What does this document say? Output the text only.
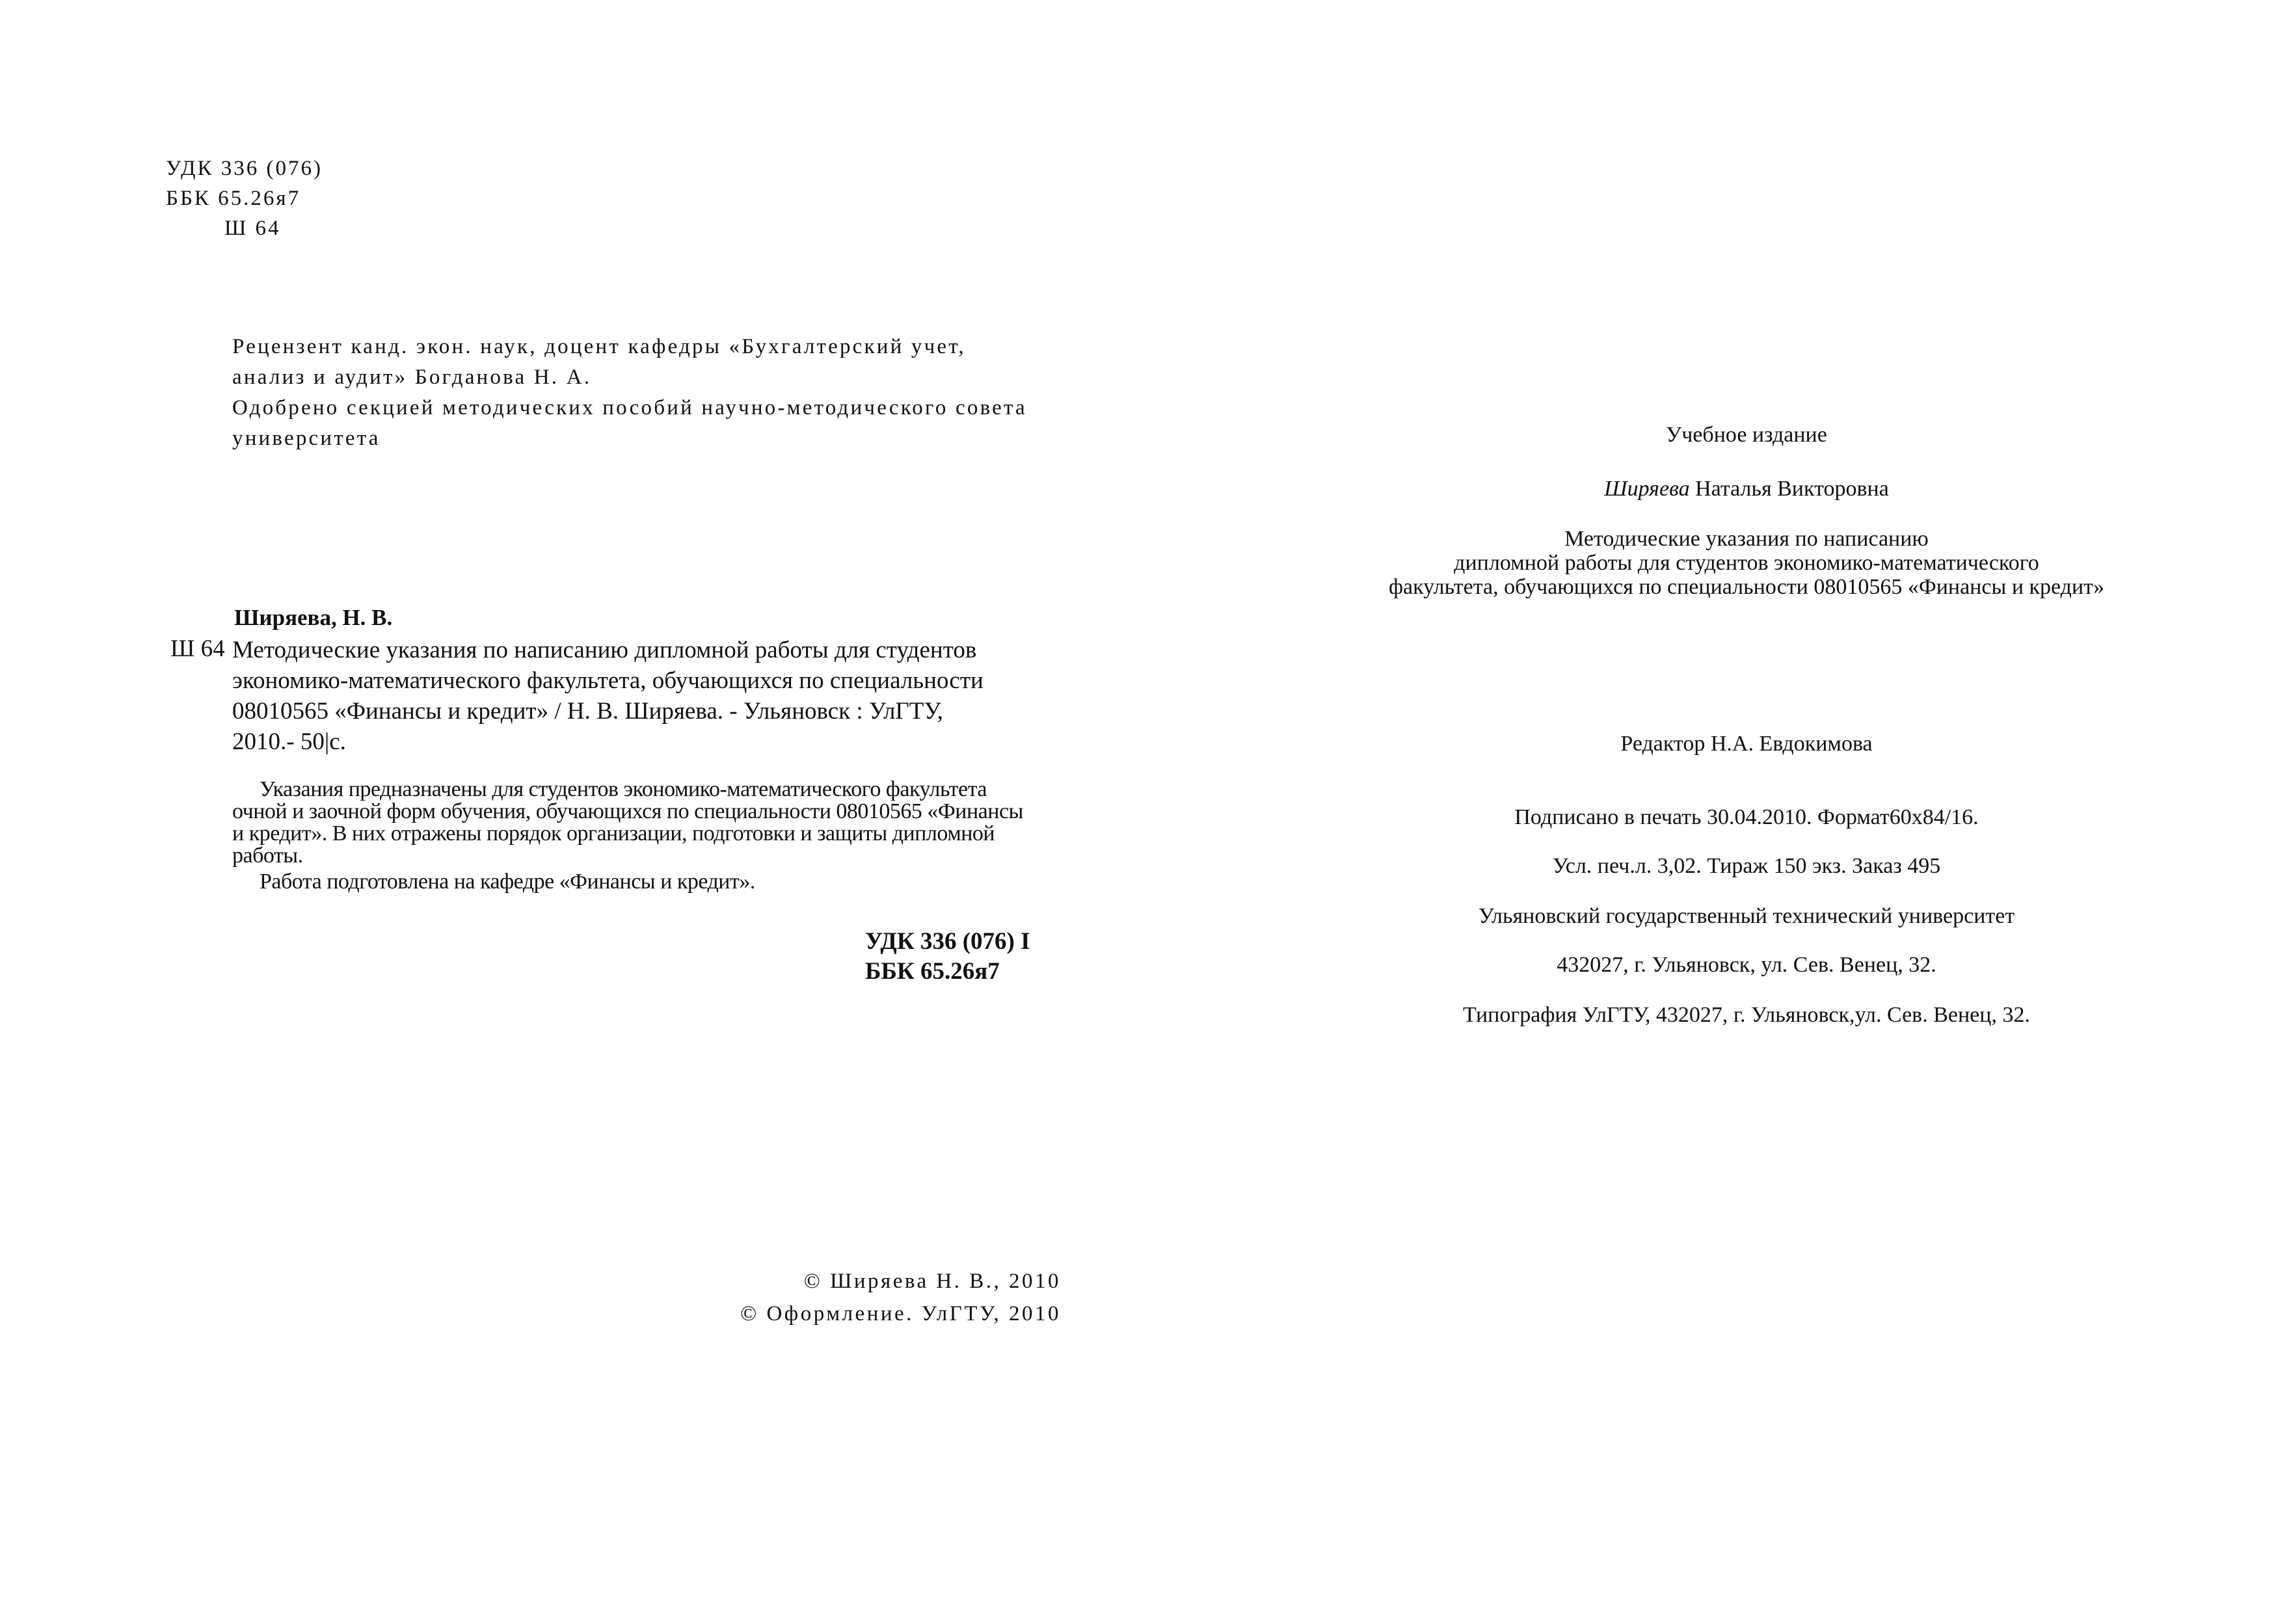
УДК 336 (076)
ББК 65.26я7
Ш 64
Рецензент канд. экон. наук, доцент кафедры «Бухгалтерский учет,
анализ и аудит» Богданова Н. А.
Одобрено секцией методических пособий научно-методического совета
университета
Ширяева, Н. В.
Ш 64 Методические указания по написанию дипломной работы для студентов
экономико-математического факультета, обучающихся по специальности
08010565 «Финансы и кредит» / Н. В. Ширяева. - Ульяновск : УлГТУ,
2010.- 50|с.
Указания предназначены для студентов экономико-математического факультета
очной и заочной форм обучения, обучающихся по специальности 08010565 «Финансы
и кредит». В них отражены порядок организации, подготовки и защиты дипломной
работы.
Работа подготовлена на кафедре «Финансы и кредит».
УДК 336 (076) I
ББК 65.26я7
© Ширяева Н. В., 2010
© Оформление. УлГТУ, 2010
Учебное издание
Ширяева Наталья Викторовна
Методические указания по написанию
дипломной работы для студентов экономико-математического
факультета, обучающихся по специальности 08010565 «Финансы и кредит»
Редактор Н.А. Евдокимова
Подписано в печать 30.04.2010. Формат60х84/16.
Усл. печ.л. 3,02. Тираж 150 экз. Заказ 495
Ульяновский государственный технический университет
432027, г. Ульяновск, ул. Сев. Венец, 32.
Типография УлГТУ, 432027, г. Ульяновск,ул. Сев. Венец, 32.
